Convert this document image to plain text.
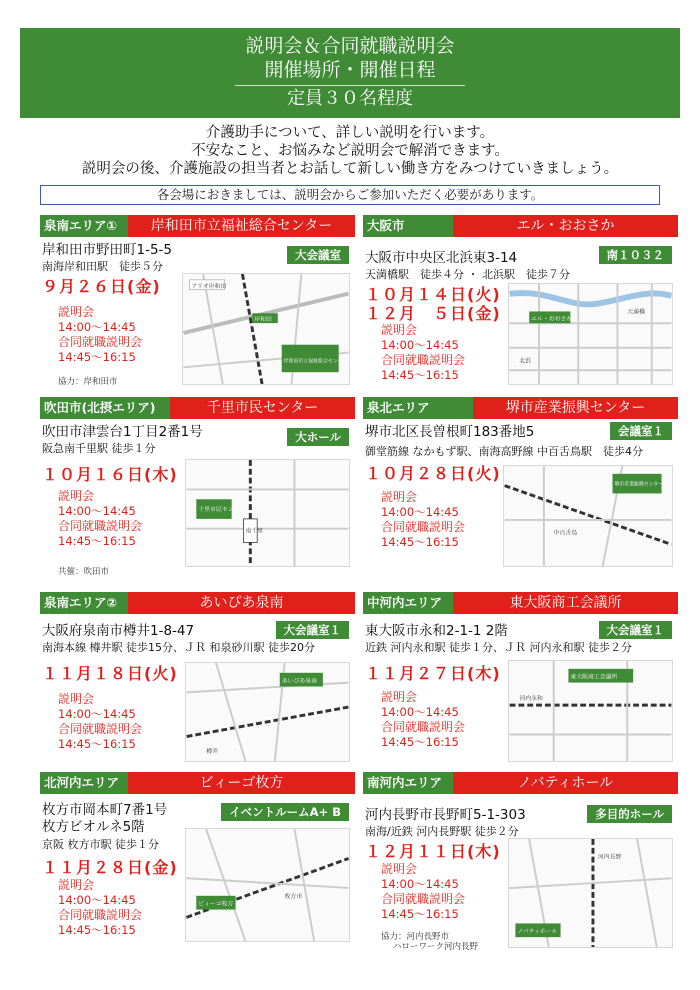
説明会＆合同就職説明会
開催場所・開催日程
定員３０名程度
介護助手について、詳しい説明を行います。
不安なこと、お悩みなど説明会で解消できます。
説明会の後、介護施設の担当者とお話して新しい働き方をみつけていきましょう。
各会場におきましては、説明会からご参加いただく必要があります。
泉南エリア①	岸和田市立福祉総合センター
岸和田市野田町1-5-5
南海岸和田駅　徒歩５分
大会議室
９月２６日(金)
説明会
14:00～14:45
合同就職説明会
14:45～16:15
協力：岸和田市
アリオ岸和田
岸和田
岸和田市立福祉総合センター
大阪市	エル・おおさか
大阪市中央区北浜東3-14
天満橋駅　徒歩４分 ・ 北浜駅　徒歩７分
南１０３２
１０月１４日(火)
１２月　５日(金)
説明会
14:00～14:45
合同就職説明会
14:45～16:15
エル・おおさか
天満橋
北浜
吹田市(北摂エリア)	千里市民センター
吹田市津雲台1丁目2番1号
阪急南千里駅 徒歩１分
大ホール
１０月１６日(木)
説明会
14:00～14:45
合同就職説明会
14:45～16:15
共催：吹田市
千里市民センター
南千里
泉北エリア	堺市産業振興センター
堺市北区長曽根町183番地5
御堂筋線 なかもず駅、南海高野線 中百舌鳥駅　徒歩4分
会議室１
１０月２８日(火)
説明会
14:00～14:45
合同就職説明会
14:45～16:15
堺市産業振興センター
中百舌鳥
泉南エリア②	あいぴあ泉南
大阪府泉南市樽井1-8-47
南海本線 樽井駅 徒歩15分、ＪＲ 和泉砂川駅 徒歩20分
大会議室１
１１月１８日(火)
説明会
14:00～14:45
合同就職説明会
14:45～16:15
あいぴあ泉南
樽井
中河内エリア	東大阪商工会議所
東大阪市永和2-1-1 2階
近鉄 河内永和駅 徒歩１分、ＪＲ 河内永和駅 徒歩２分
大会議室１
１１月２７日(木)
説明会
14:00～14:45
合同就職説明会
14:45～16:15
東大阪商工会議所
河内永和
北河内エリア	ビィーゴ枚方
枚方市岡本町7番1号
枚方ビオルネ5階
京阪 枚方市駅 徒歩１分
イベントルームA+ B
１１月２８日(金)
説明会
14:00～14:45
合同就職説明会
14:45～16:15
ビィーゴ枚方
枚方市
南河内エリア	ノバティホール
河内長野市長野町5-1-303
南海/近鉄 河内長野駅 徒歩２分
多目的ホール
１２月１１日(木)
説明会
14:00～14:45
合同就職説明会
14:45～16:15
協力：河内長野市
ハローワーク河内長野
ノバティホール
河内長野
